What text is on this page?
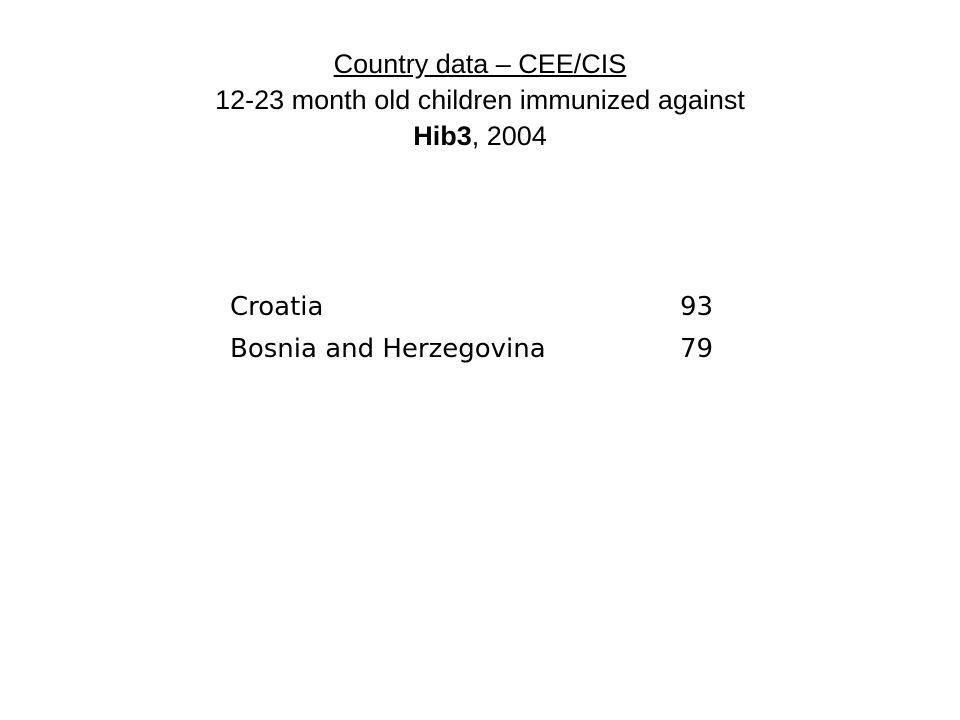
Country data – CEE/CIS
12-23 month old children immunized against
Hib3, 2004
Croatia	93
Bosnia and Herzegovina	79
